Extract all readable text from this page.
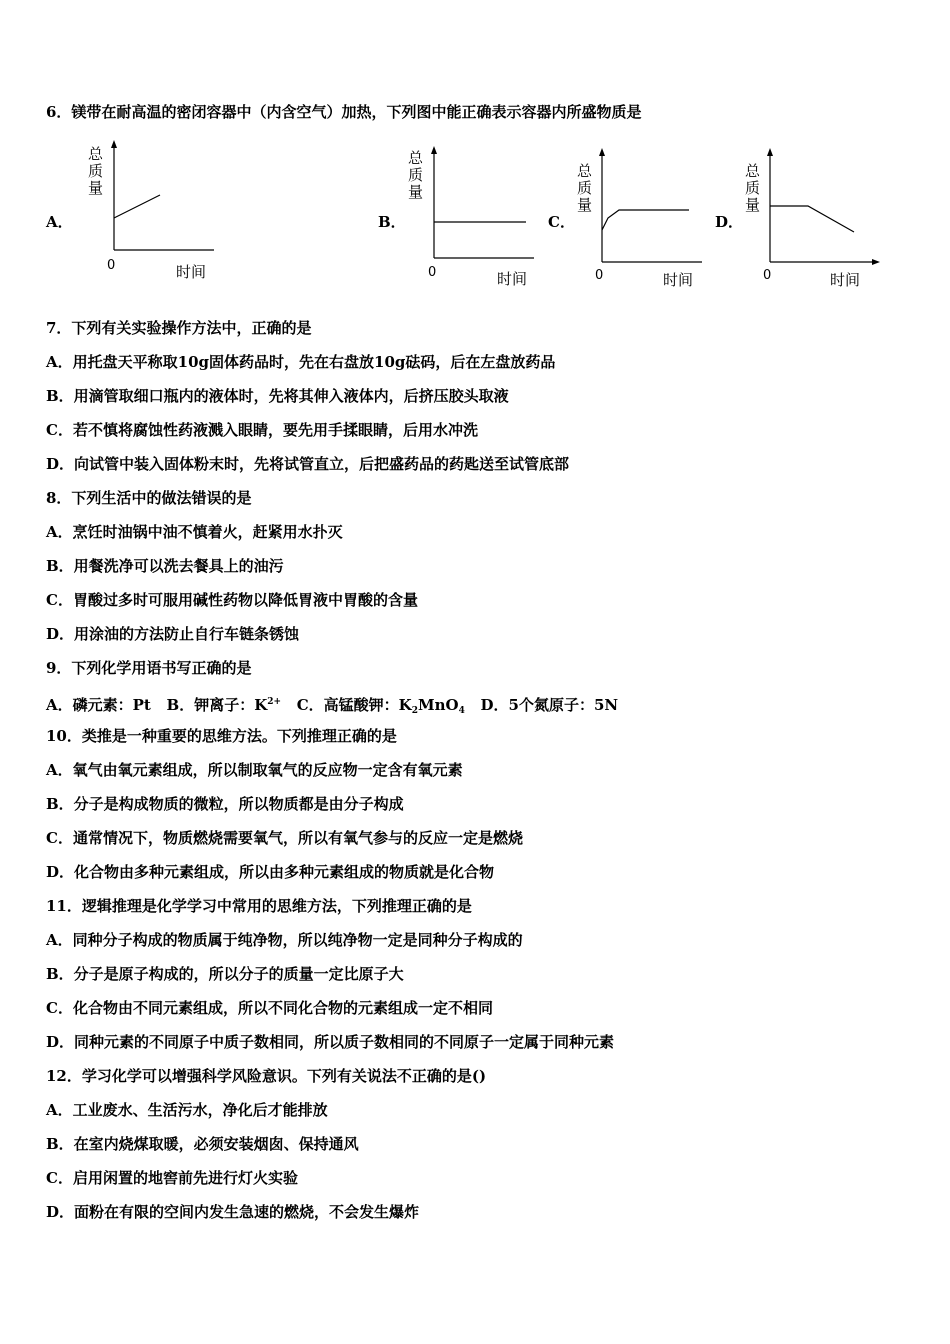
6．镁带在耐高温的密闭容器中（内含空气）加热，下列图中能正确表示容器内所盛物质是
A．
总质量
0	时间
B．
总质量
0	时间
C．
总质量
0	时间
D．
总质量
0	时间
7．下列有关实验操作方法中，正确的是
A．用托盘天平称取10g固体药品时，先在右盘放10g砝码，后在左盘放药品
B．用滴管取细口瓶内的液体时，先将其伸入液体内，后挤压胶头取液
C．若不慎将腐蚀性药液溅入眼睛，要先用手揉眼睛，后用水冲洗
D．向试管中装入固体粉末时，先将试管直立，后把盛药品的药匙送至试管底部
8．下列生活中的做法错误的是
A．烹饪时油锅中油不慎着火，赶紧用水扑灭
B．用餐洗净可以洗去餐具上的油污
C．胃酸过多时可服用碱性药物以降低胃液中胃酸的含量
D．用涂油的方法防止自行车链条锈蚀
9．下列化学用语书写正确的是
A．磷元素：Pt B．钾离子：$K^{2+}$ C．高锰酸钾：$K_2MnO_4$ D．5个氮原子：5N
10．类推是一种重要的思维方法。下列推理正确的是
A．氧气由氧元素组成，所以制取氧气的反应物一定含有氧元素
B．分子是构成物质的微粒，所以物质都是由分子构成
C．通常情况下，物质燃烧需要氧气，所以有氧气参与的反应一定是燃烧
D．化合物由多种元素组成，所以由多种元素组成的物质就是化合物
11．逻辑推理是化学学习中常用的思维方法，下列推理正确的是
A．同种分子构成的物质属于纯净物，所以纯净物一定是同种分子构成的
B．分子是原子构成的，所以分子的质量一定比原子大
C．化合物由不同元素组成，所以不同化合物的元素组成一定不相同
D．同种元素的不同原子中质子数相同，所以质子数相同的不同原子一定属于同种元素
12．学习化学可以增强科学风险意识。下列有关说法不正确的是()
A．工业废水、生活污水，净化后才能排放
B．在室内烧煤取暖，必须安装烟囱、保持通风
C．启用闲置的地窖前先进行灯火实验
D．面粉在有限的空间内发生急速的燃烧，不会发生爆炸
